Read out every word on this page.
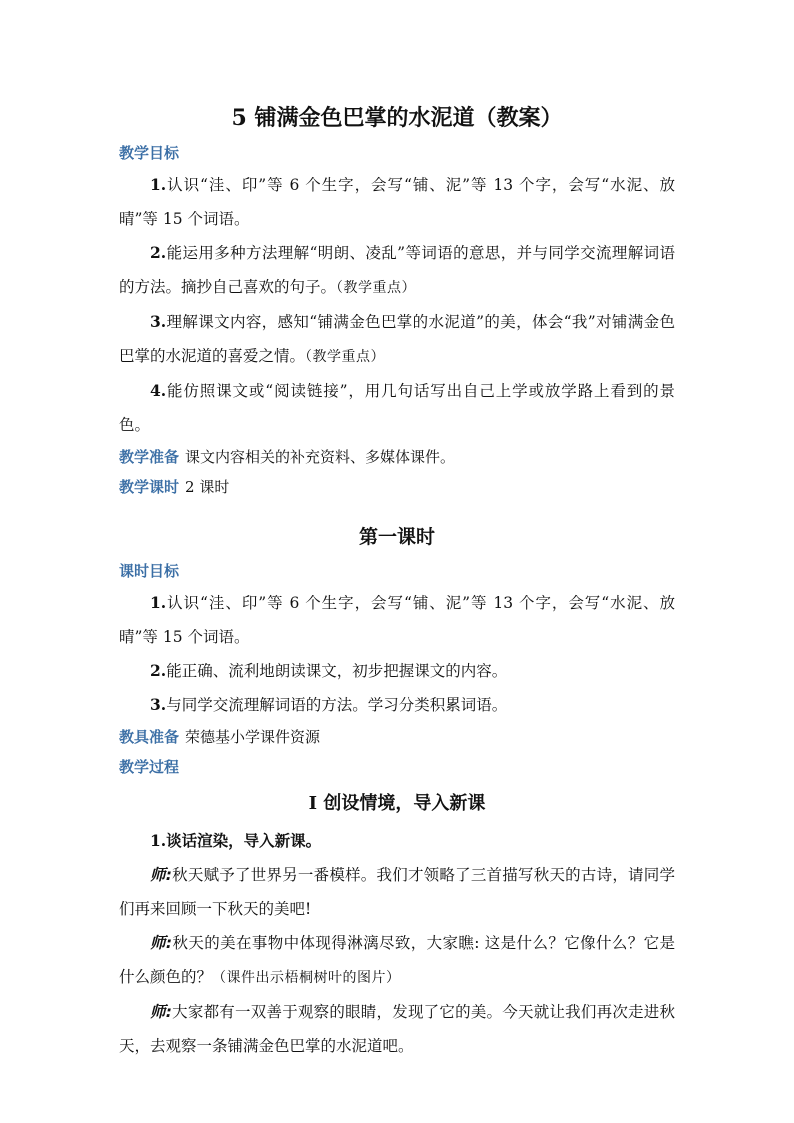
5 铺满金色巴掌的水泥道（教案）

教学目标

1.认识“洼、印”等 6 个生字，会写“铺、泥”等 13 个字，会写“水泥、放晴”等 15 个词语。

2.能运用多种方法理解“明朗、凌乱”等词语的意思，并与同学交流理解词语的方法。摘抄自己喜欢的句子。（教学重点）

3.理解课文内容，感知“铺满金色巴掌的水泥道”的美，体会“我”对铺满金色巴掌的水泥道的喜爱之情。（教学重点）

4.能仿照课文或“阅读链接”，用几句话写出自己上学或放学路上看到的景色。

教学准备 课文内容相关的补充资料、多媒体课件。

教学课时 2 课时

第一课时

课时目标

1.认识“洼、印”等 6 个生字，会写“铺、泥”等 13 个字，会写“水泥、放晴”等 15 个词语。

2.能正确、流利地朗读课文，初步把握课文的内容。

3.与同学交流理解词语的方法。学习分类积累词语。

教具准备 荣德基小学课件资源

教学过程

Ⅰ 创设情境，导入新课

1.谈话渲染，导入新课。

师:秋天赋予了世界另一番模样。我们才领略了三首描写秋天的古诗，请同学们再来回顾一下秋天的美吧!

师:秋天的美在事物中体现得淋漓尽致，大家瞧: 这是什么？它像什么？它是什么颜色的？（课件出示梧桐树叶的图片）

师:大家都有一双善于观察的眼睛，发现了它的美。今天就让我们再次走进秋天，去观察一条铺满金色巴掌的水泥道吧。
